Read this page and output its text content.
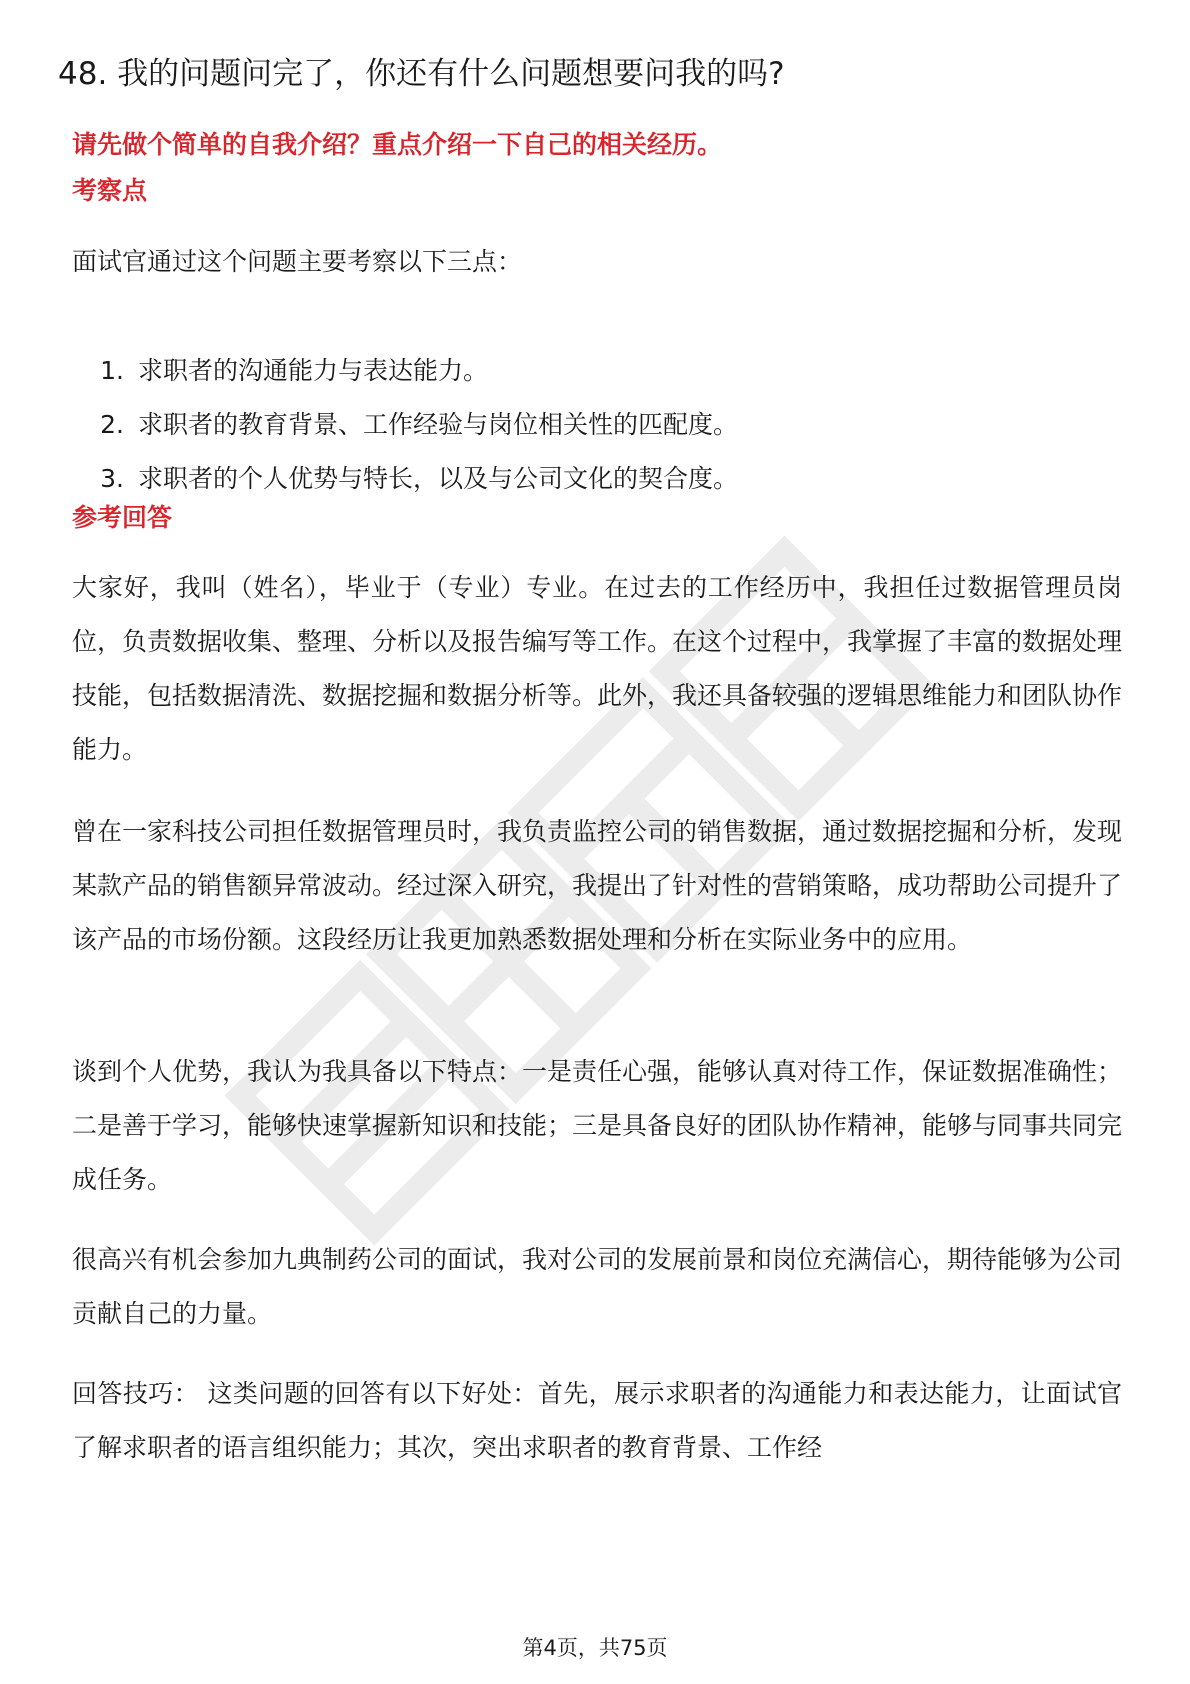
48. 我的问题问完了，你还有什么问题想要问我的吗?

请先做个简单的自我介绍？重点介绍一下自己的相关经历。

考察点

面试官通过这个问题主要考察以下三点：

1. 求职者的沟通能力与表达能力。
2. 求职者的教育背景、工作经验与岗位相关性的匹配度。
3. 求职者的个人优势与特长，以及与公司文化的契合度。
参考回答

大家好，我叫（姓名），毕业于（专业）专业。在过去的工作经历中，我担任过数据管理员岗位，负责数据收集、整理、分析以及报告编写等工作。在这个过程中，我掌握了丰富的数据处理技能，包括数据清洗、数据挖掘和数据分析等。此外，我还具备较强的逻辑思维能力和团队协作能力。

曾在一家科技公司担任数据管理员时，我负责监控公司的销售数据，通过数据挖掘和分析，发现某款产品的销售额异常波动。经过深入研究，我提出了针对性的营销策略，成功帮助公司提升了该产品的市场份额。这段经历让我更加熟悉数据处理和分析在实际业务中的应用。

谈到个人优势，我认为我具备以下特点：一是责任心强，能够认真对待工作，保证数据准确性；二是善于学习，能够快速掌握新知识和技能；三是具备良好的团队协作精神，能够与同事共同完成任务。

很高兴有机会参加九典制药公司的面试，我对公司的发展前景和岗位充满信心，期待能够为公司贡献自己的力量。

回答技巧： 这类问题的回答有以下好处：首先，展示求职者的沟通能力和表达能力，让面试官了解求职者的语言组织能力；其次，突出求职者的教育背景、工作经

第4页，共75页
